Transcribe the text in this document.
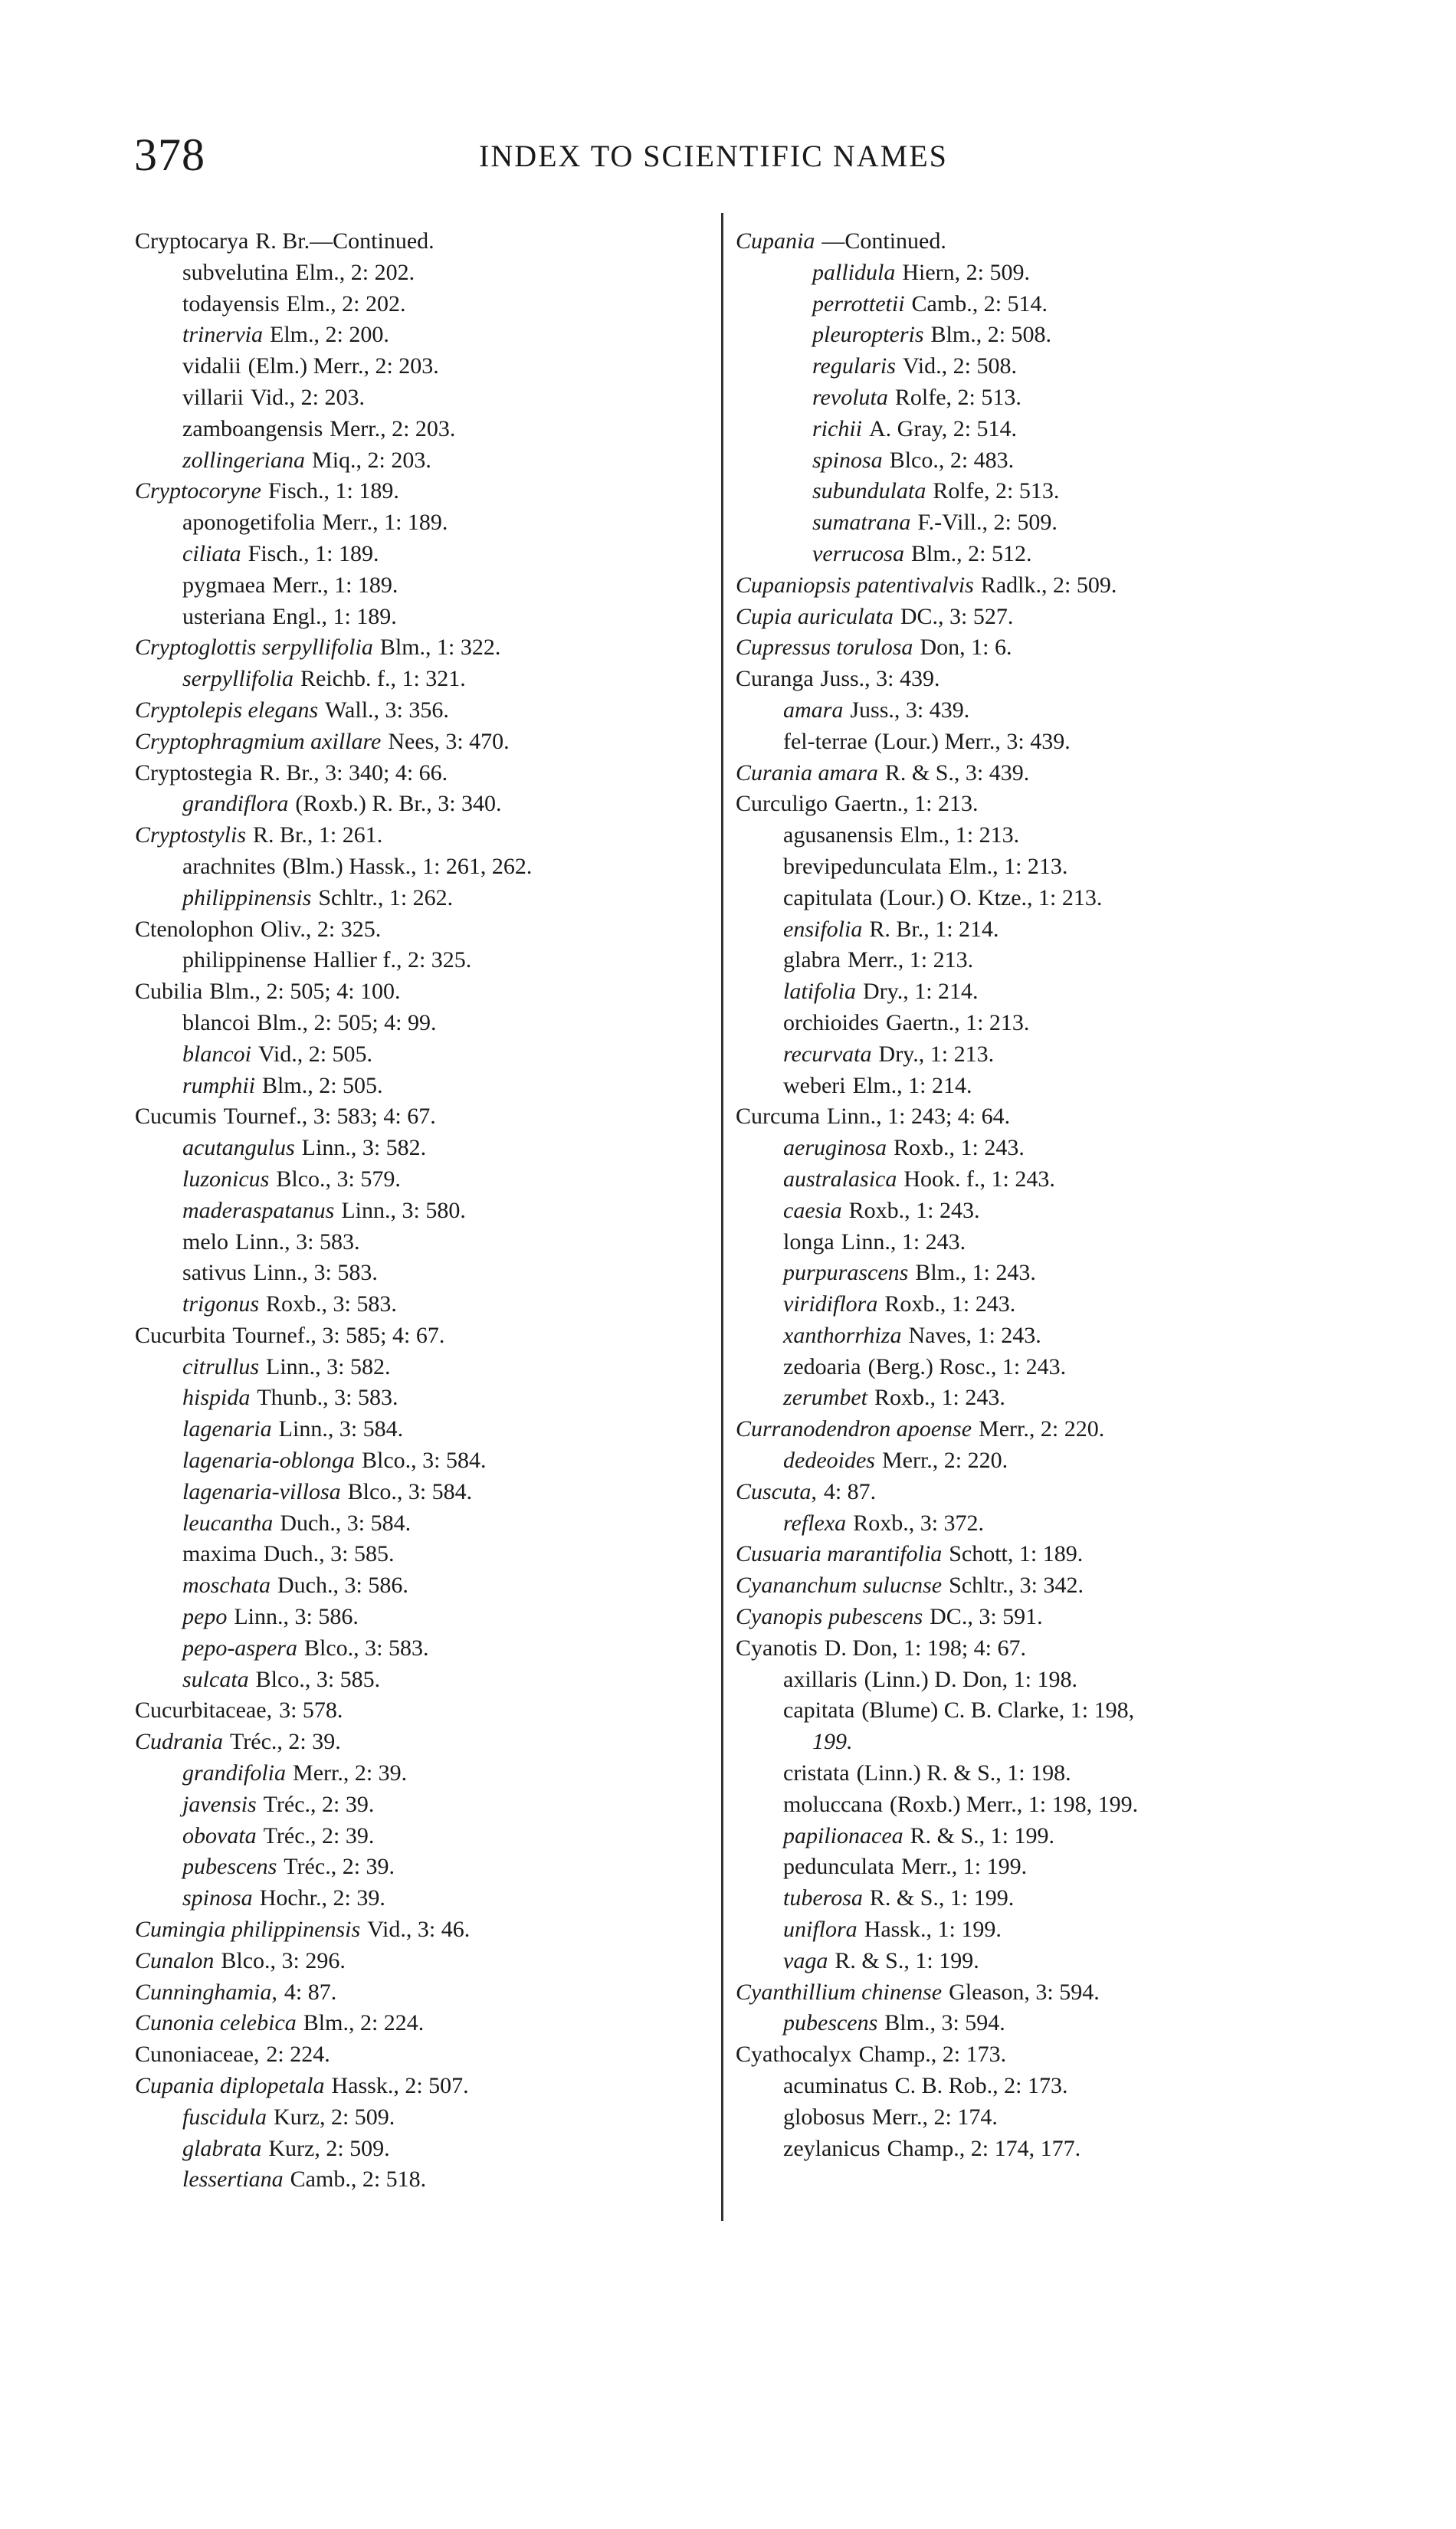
378	INDEX TO SCIENTIFIC NAMES
Cryptocarya R. Br.—Continued.
subvelutina Elm., 2: 202.
todayensis Elm., 2: 202.
trinervia Elm., 2: 200.
vidalii (Elm.) Merr., 2: 203.
villarii Vid., 2: 203.
zamboangensis Merr., 2: 203.
zollingeriana Miq., 2: 203.
Cryptocoryne Fisch., 1: 189.
aponogetifolia Merr., 1: 189.
ciliata Fisch., 1: 189.
pygmaea Merr., 1: 189.
usteriana Engl., 1: 189.
Cryptoglottis serpyllifolia Blm., 1: 322.
serpyllifolia Reichb. f., 1: 321.
Cryptolepis elegans Wall., 3: 356.
Cryptophragmium axillare Nees, 3: 470.
Cryptostegia R. Br., 3: 340; 4: 66.
grandiflora (Roxb.) R. Br., 3: 340.
Cryptostylis R. Br., 1: 261.
arachnites (Blm.) Hassk., 1: 261, 262.
philippinensis Schltr., 1: 262.
Ctenolophon Oliv., 2: 325.
philippinense Hallier f., 2: 325.
Cubilia Blm., 2: 505; 4: 100.
blancoi Blm., 2: 505; 4: 99.
blancoi Vid., 2: 505.
rumphii Blm., 2: 505.
Cucumis Tournef., 3: 583; 4: 67.
acutangulus Linn., 3: 582.
luzonicus Blco., 3: 579.
maderaspatanus Linn., 3: 580.
melo Linn., 3: 583.
sativus Linn., 3: 583.
trigonus Roxb., 3: 583.
Cucurbita Tournef., 3: 585; 4: 67.
citrullus Linn., 3: 582.
hispida Thunb., 3: 583.
lagenaria Linn., 3: 584.
lagenaria-oblonga Blco., 3: 584.
lagenaria-villosa Blco., 3: 584.
leucantha Duch., 3: 584.
maxima Duch., 3: 585.
moschata Duch., 3: 586.
pepo Linn., 3: 586.
pepo-aspera Blco., 3: 583.
sulcata Blco., 3: 585.
Cucurbitaceae, 3: 578.
Cudrania Tréc., 2: 39.
grandifolia Merr., 2: 39.
javensis Tréc., 2: 39.
obovata Tréc., 2: 39.
pubescens Tréc., 2: 39.
spinosa Hochr., 2: 39.
Cumingia philippinensis Vid., 3: 46.
Cunalon Blco., 3: 296.
Cunninghamia, 4: 87.
Cunonia celebica Blm., 2: 224.
Cunoniaceae, 2: 224.
Cupania diplopetala Hassk., 2: 507.
fuscidula Kurz, 2: 509.
glabrata Kurz, 2: 509.
lessertiana Camb., 2: 518.
Cupania —Continued.
pallidula Hiern, 2: 509.
perrottetii Camb., 2: 514.
pleuropteris Blm., 2: 508.
regularis Vid., 2: 508.
revoluta Rolfe, 2: 513.
richii A. Gray, 2: 514.
spinosa Blco., 2: 483.
subundulata Rolfe, 2: 513.
sumatrana F.-Vill., 2: 509.
verrucosa Blm., 2: 512.
Cupaniopsis patentivalvis Radlk., 2: 509.
Cupia auriculata DC., 3: 527.
Cupressus torulosa Don, 1: 6.
Curanga Juss., 3: 439.
amara Juss., 3: 439.
fel-terrae (Lour.) Merr., 3: 439.
Curania amara R. & S., 3: 439.
Curculigo Gaertn., 1: 213.
agusanensis Elm., 1: 213.
brevipedunculata Elm., 1: 213.
capitulata (Lour.) O. Ktze., 1: 213.
ensifolia R. Br., 1: 214.
glabra Merr., 1: 213.
latifolia Dry., 1: 214.
orchioides Gaertn., 1: 213.
recurvata Dry., 1: 213.
weberi Elm., 1: 214.
Curcuma Linn., 1: 243; 4: 64.
aeruginosa Roxb., 1: 243.
australasica Hook. f., 1: 243.
caesia Roxb., 1: 243.
longa Linn., 1: 243.
purpurascens Blm., 1: 243.
viridiflora Roxb., 1: 243.
xanthorrhiza Naves, 1: 243.
zedoaria (Berg.) Rosc., 1: 243.
zerumbet Roxb., 1: 243.
Curranodendron apoense Merr., 2: 220.
dedeoides Merr., 2: 220.
Cuscuta, 4: 87.
reflexa Roxb., 3: 372.
Cusuaria marantifolia Schott, 1: 189.
Cyananchum sulucnse Schltr., 3: 342.
Cyanopis pubescens DC., 3: 591.
Cyanotis D. Don, 1: 198; 4: 67.
axillaris (Linn.) D. Don, 1: 198.
capitata (Blume) C. B. Clarke, 1: 198,
199.
cristata (Linn.) R. & S., 1: 198.
moluccana (Roxb.) Merr., 1: 198, 199.
papilionacea R. & S., 1: 199.
pedunculata Merr., 1: 199.
tuberosa R. & S., 1: 199.
uniflora Hassk., 1: 199.
vaga R. & S., 1: 199.
Cyanthillium chinense Gleason, 3: 594.
pubescens Blm., 3: 594.
Cyathocalyx Champ., 2: 173.
acuminatus C. B. Rob., 2: 173.
globosus Merr., 2: 174.
zeylanicus Champ., 2: 174, 177.
